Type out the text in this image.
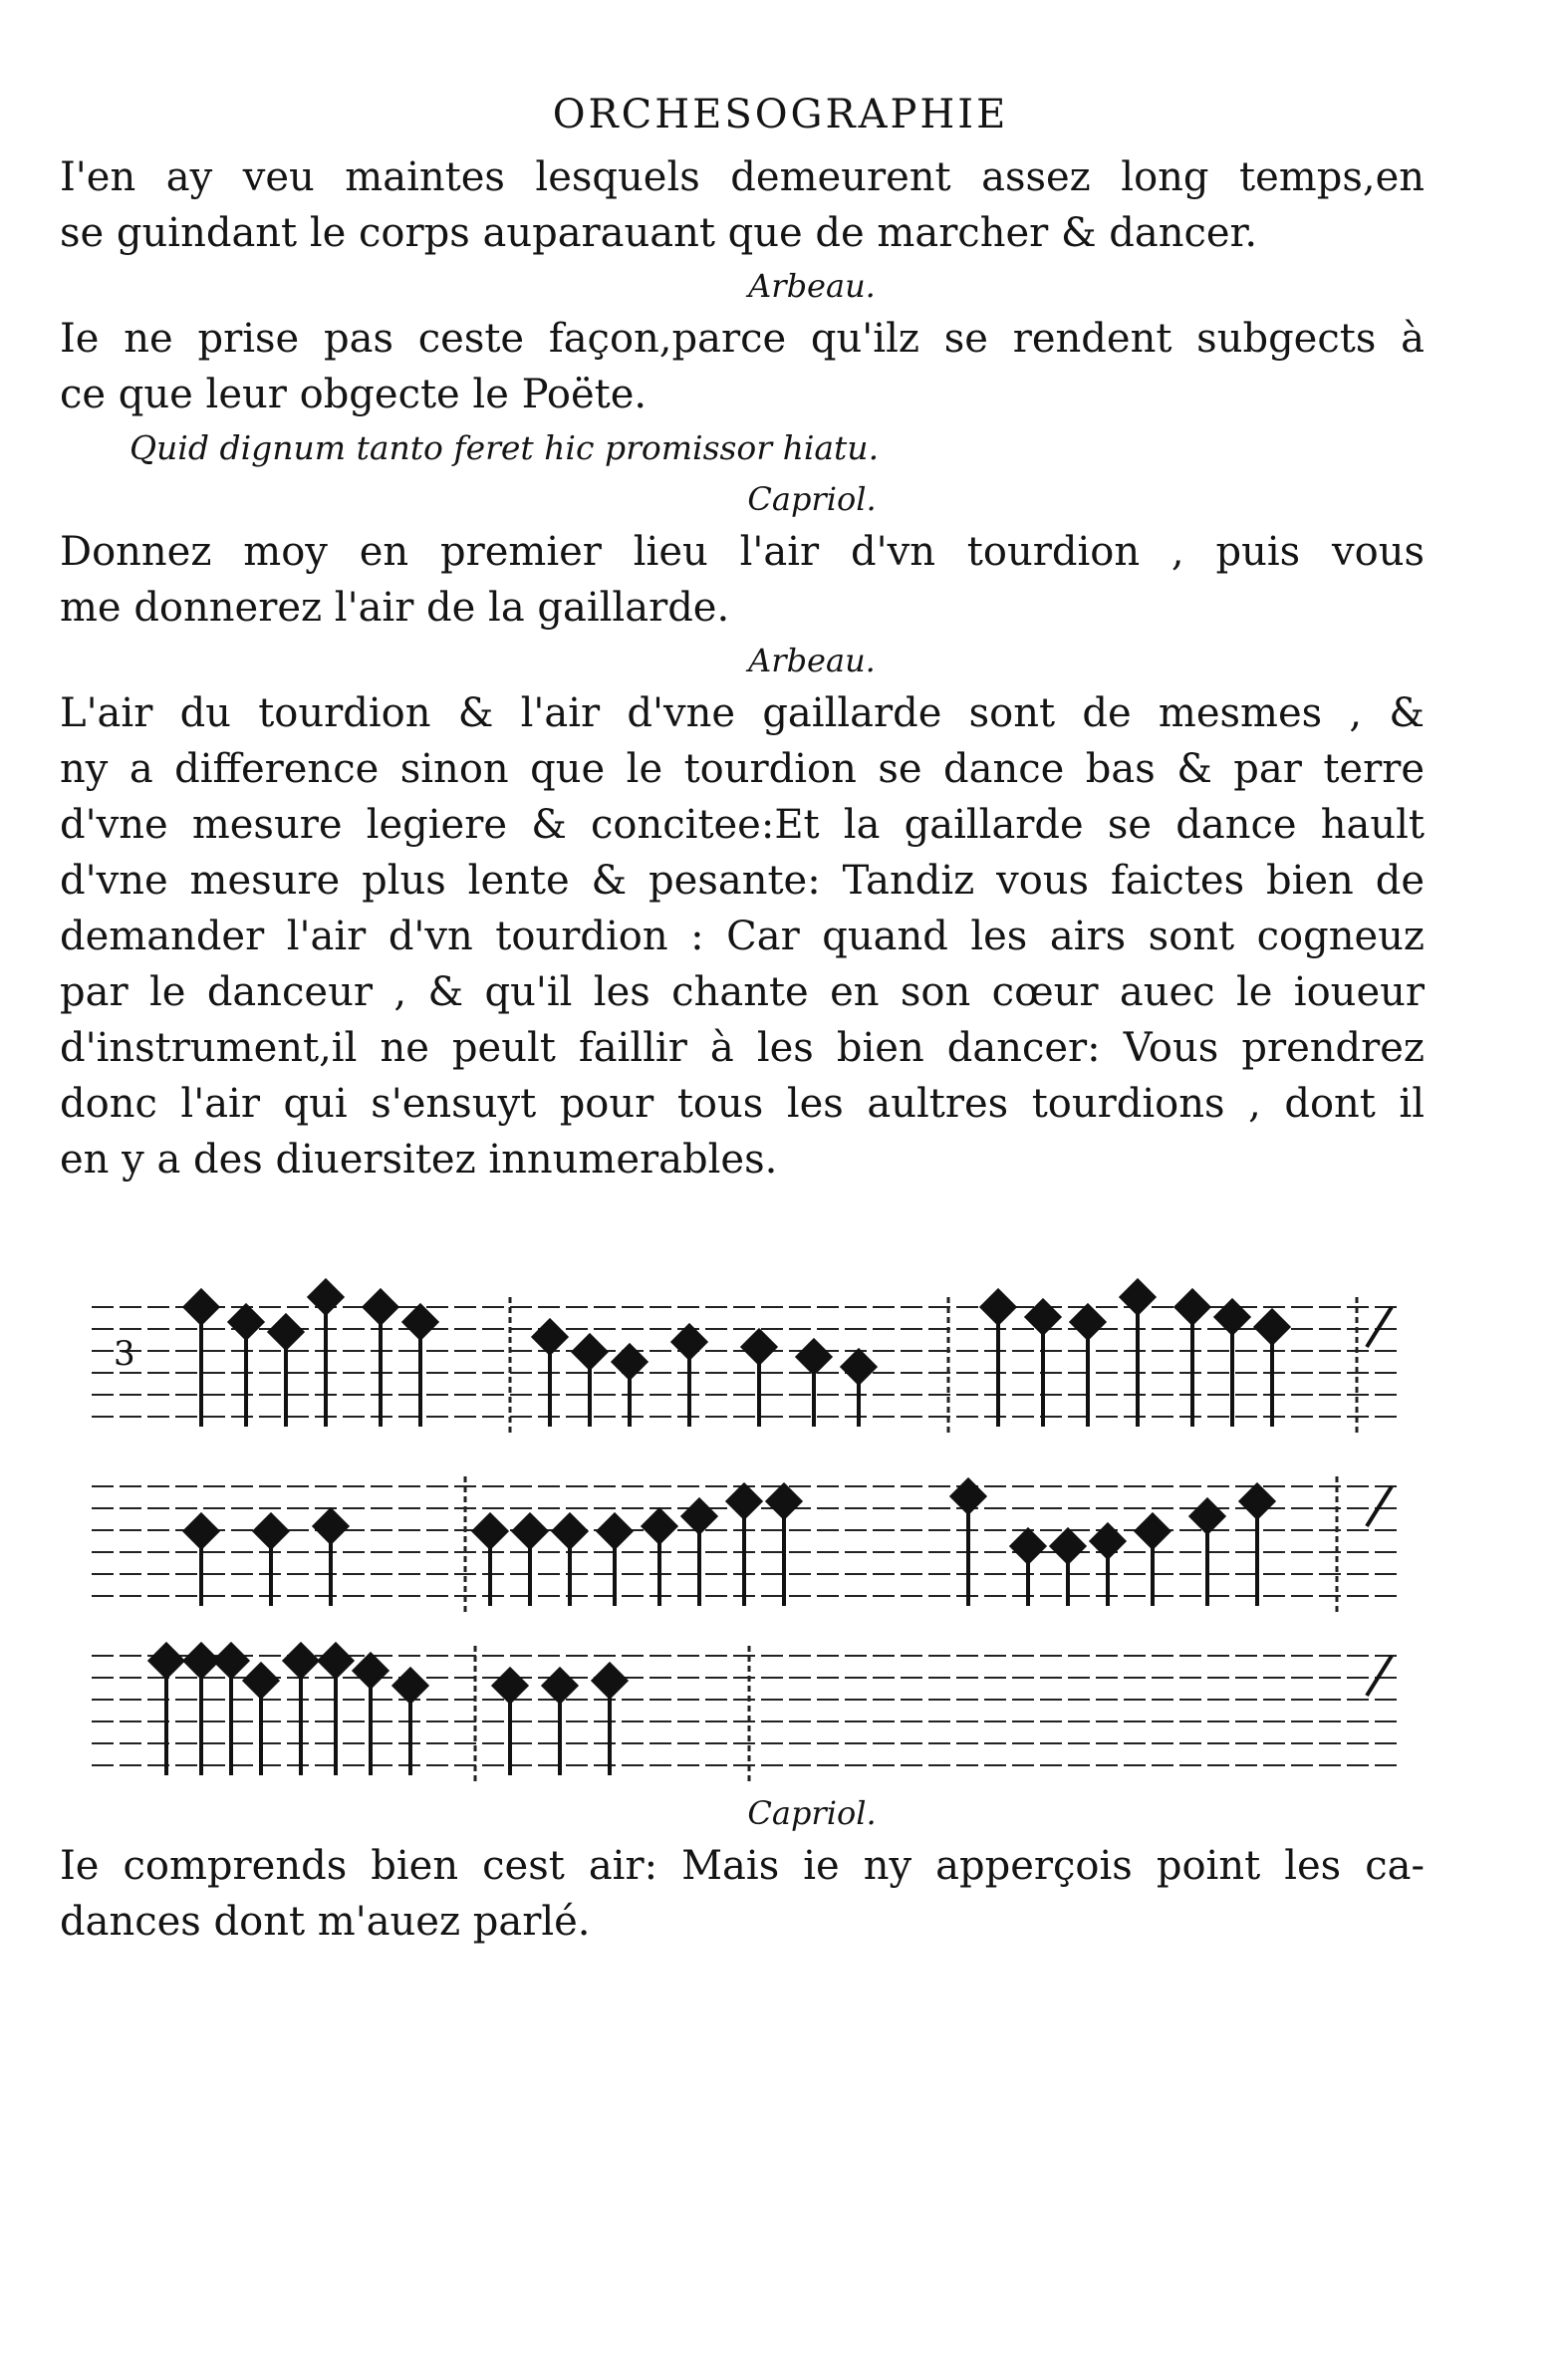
ORCHESOGRAPHIE

I'en ay veu maintes lesquels demeurent assez long temps,en
se guindant le corps auparauant que de marcher & dancer.

Arbeau.

Ie ne prise pas ceste façon,parce qu'ilz se rendent subgects à
ce que leur obgecte le Poëte.

Quid dignum tanto feret hic promissor hiatu.

Capriol.

Donnez moy en premier lieu l'air d'vn tourdion , puis vous
me donnerez l'air de la gaillarde.

Arbeau.

L'air du tourdion & l'air d'vne gaillarde sont de mesmes , &
ny a difference sinon que le tourdion se dance bas & par terre
d'vne mesure legiere & concitee:Et la gaillarde se dance hault
d'vne mesure plus lente & pesante: Tandiz vous faictes bien de
demander l'air d'vn tourdion : Car quand les airs sont cogneuz
par le danceur , & qu'il les chante en son cœur auec le ioueur
d'instrument,il ne peult faillir à les bien dancer: Vous prendrez
donc l'air qui s'ensuyt pour tous les aultres tourdions , dont il
en y a des diuersitez innumerables.

3

Capriol.

Ie comprends bien cest air: Mais ie ny apperçois point les ca-
dances dont m'auez parlé.
